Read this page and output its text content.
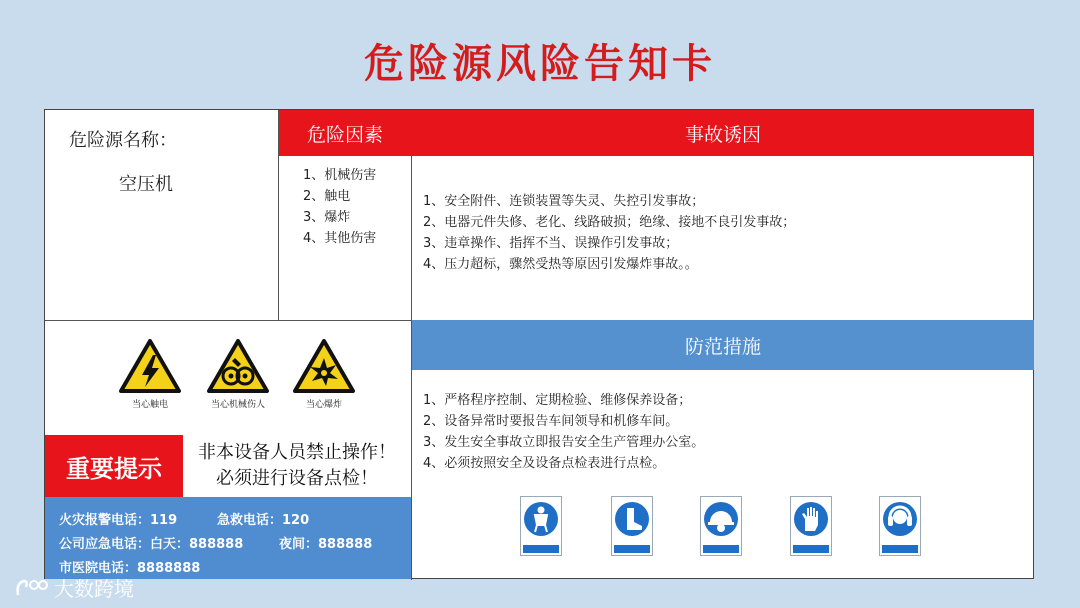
危险源风险告知卡
危险源名称：
空压机
危险因素
1、机械伤害
2、触电
3、爆炸
4、其他伤害
事故诱因
1、安全附件、连锁装置等失灵、失控引发事故；
2、电器元件失修、老化、线路破损；绝缘、接地不良引发事故；
3、违章操作、指挥不当、误操作引发事故；
4、压力超标，骤然受热等原因引发爆炸事故。。
防范措施
1、严格程序控制、定期检验、维修保养设备；
2、设备异常时要报告车间领导和机修车间。
3、发生安全事故立即报告安全生产管理办公室。
4、必须按照安全及设备点检表进行点检。
当心触电	当心机械伤人	当心爆炸
重要提示
非本设备人员禁止操作！
必须进行设备点检！
火灾报警电话：119	急救电话：120
公司应急电话：白天：888888	夜间：888888
市医院电话：8888888
大数跨境
